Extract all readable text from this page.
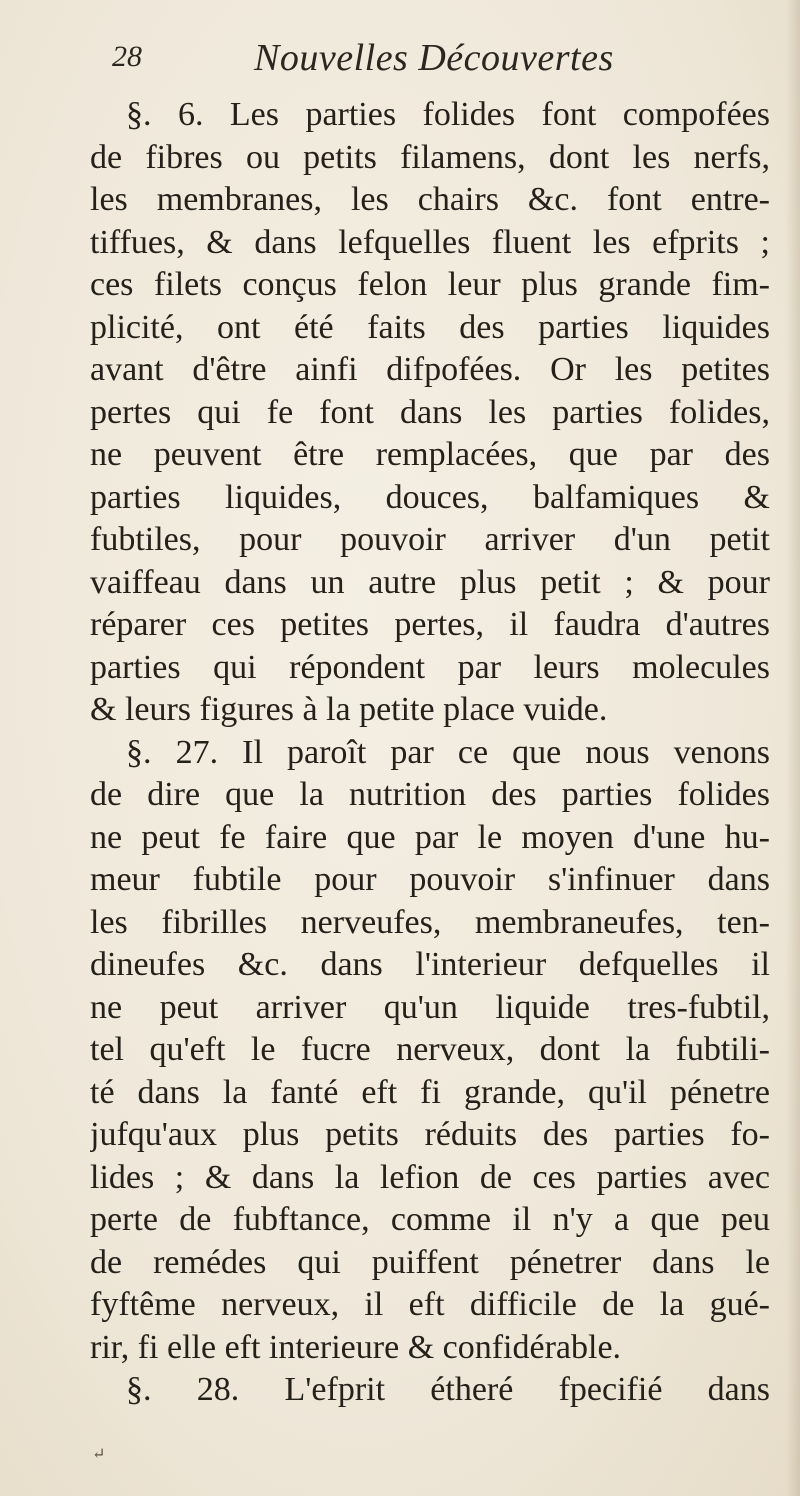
28	Nouvelles Découvertes
§. 6. Les parties folides font compofées
de fibres ou petits filamens, dont les nerfs,
les membranes, les chairs &c. font entre-
tiffues, & dans lefquelles fluent les efprits ;
ces filets conçus felon leur plus grande fim-
plicité, ont été faits des parties liquides
avant d'être ainfi difpofées. Or les petites
pertes qui fe font dans les parties folides,
ne peuvent être remplacées, que par des
parties liquides, douces, balfamiques &
fubtiles, pour pouvoir arriver d'un petit
vaiffeau dans un autre plus petit ; & pour
réparer ces petites pertes, il faudra d'autres
parties qui répondent par leurs molecules
& leurs figures à la petite place vuide.
§. 27. Il paroît par ce que nous venons
de dire que la nutrition des parties folides
ne peut fe faire que par le moyen d'une hu-
meur fubtile pour pouvoir s'infinuer dans
les fibrilles nerveufes, membraneufes, ten-
dineufes &c. dans l'interieur defquelles il
ne peut arriver qu'un liquide tres-fubtil,
tel qu'eft le fucre nerveux, dont la fubtili-
té dans la fanté eft fi grande, qu'il pénetre
jufqu'aux plus petits réduits des parties fo-
lides ; & dans la lefion de ces parties avec
perte de fubftance, comme il n'y a que peu
de remédes qui puiffent pénetrer dans le
fyftême nerveux, il eft difficile de la gué-
rir, fi elle eft interieure & confidérable.
§. 28. L'efprit étheré fpecifié dans
↵
